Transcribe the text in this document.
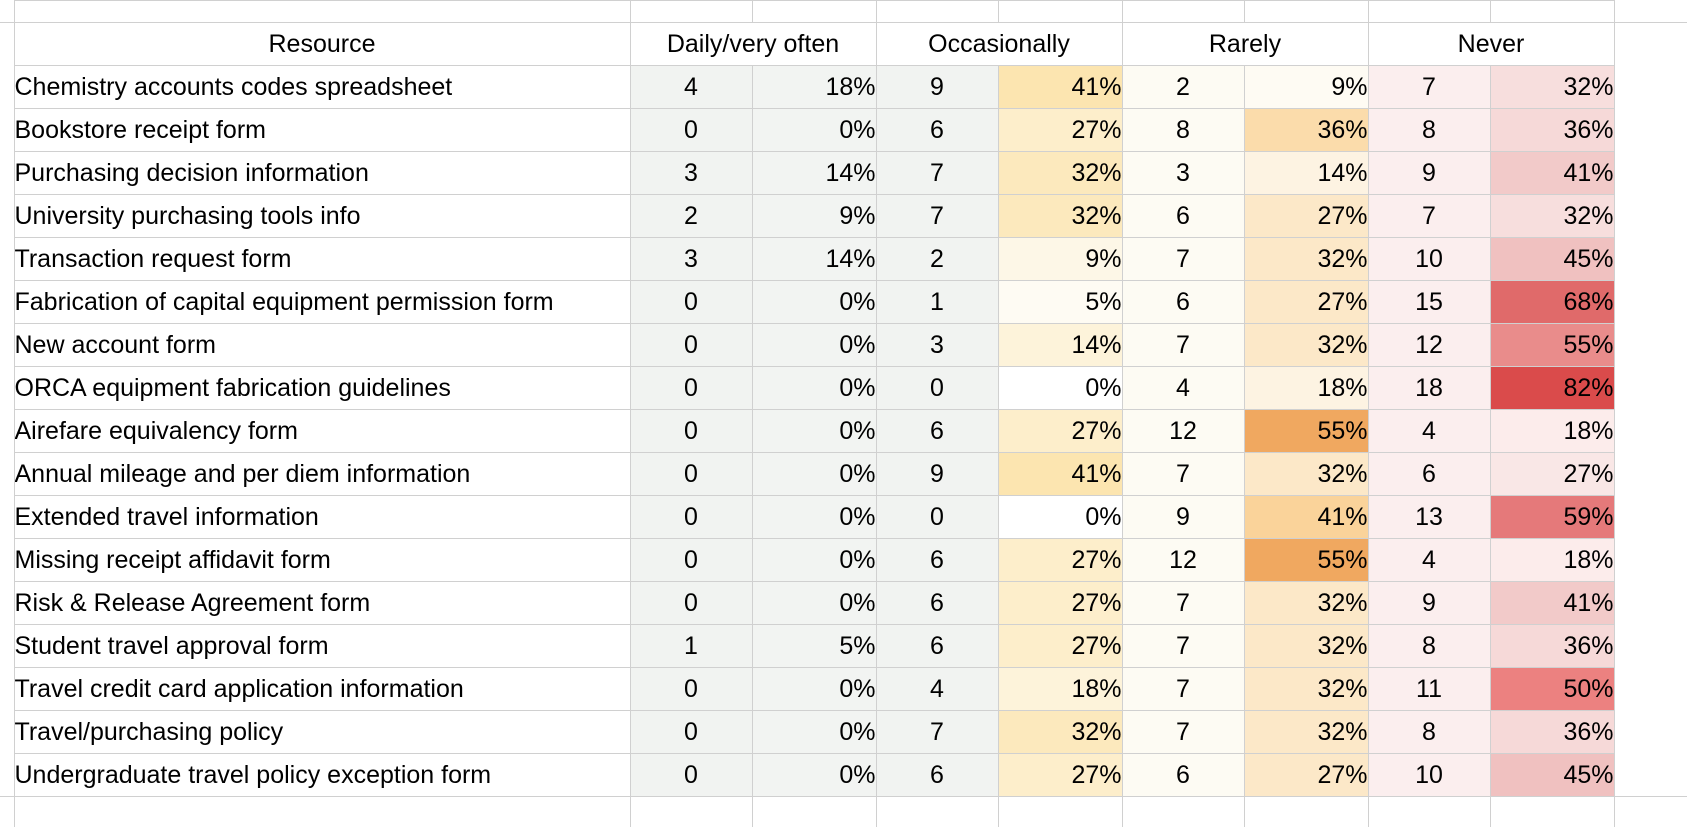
	Resource	Daily/very often		Occasionally		Rarely		Never		
	Chemistry accounts codes spreadsheet	4	18%	9	41%	2	9%	7	32%	
	Bookstore receipt form	0	0%	6	27%	8	36%	8	36%	
	Purchasing decision information	3	14%	7	32%	3	14%	9	41%	
	University purchasing tools info	2	9%	7	32%	6	27%	7	32%	
	Transaction request form	3	14%	2	9%	7	32%	10	45%	
	Fabrication of capital equipment permission form	0	0%	1	5%	6	27%	15	68%	
	New account form	0	0%	3	14%	7	32%	12	55%	
	ORCA equipment fabrication guidelines	0	0%	0	0%	4	18%	18	82%	
	Airefare equivalency form	0	0%	6	27%	12	55%	4	18%	
	Annual mileage and per diem information	0	0%	9	41%	7	32%	6	27%	
	Extended travel information	0	0%	0	0%	9	41%	13	59%	
	Missing receipt affidavit form	0	0%	6	27%	12	55%	4	18%	
	Risk & Release Agreement form	0	0%	6	27%	7	32%	9	41%	
	Student travel approval form	1	5%	6	27%	7	32%	8	36%	
	Travel credit card application information	0	0%	4	18%	7	32%	11	50%	
	Travel/purchasing policy	0	0%	7	32%	7	32%	8	36%	
	Undergraduate travel policy exception form	0	0%	6	27%	6	27%	10	45%	
